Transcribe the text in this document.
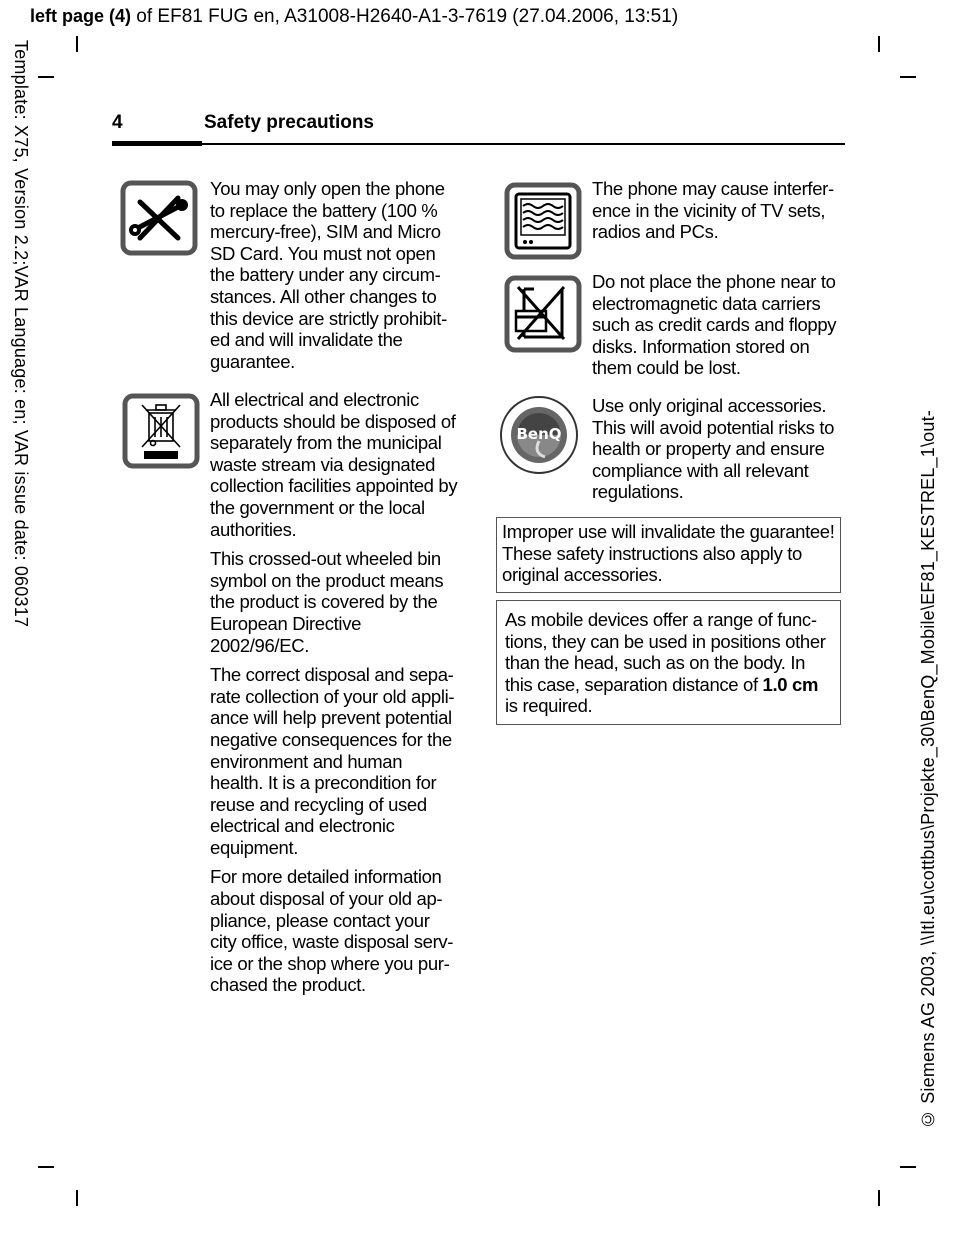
left page (4) of EF81 FUG en, A31008-H2640-A1-3-7619 (27.04.2006, 13:51)
Template: X75, Version 2.2;VAR Language: en; VAR issue date: 060317
© Siemens AG 2003, \\Itl.eu\cottbus\Projekte_30\BenQ_Mobile\EF81_KESTREL_1\out-
4	Safety precautions

You may only open the phone to replace the battery (100 % mercury-free), SIM and Micro SD Card. You must not open the battery under any circum-stances. All other changes to this device are strictly prohibit-ed and will invalidate the guarantee.

All electrical and electronic products should be disposed of separately from the municipal waste stream via designated collection facilities appointed by the government or the local authorities.

This crossed-out wheeled bin symbol on the product means the product is covered by the European Directive 2002/96/EC.

The correct disposal and sepa-rate collection of your old appli-ance will help prevent potential negative consequences for the environment and human health. It is a precondition for reuse and recycling of used electrical and electronic equipment.

For more detailed information about disposal of your old ap-pliance, please contact your city office, waste disposal serv-ice or the shop where you pur-chased the product.

The phone may cause interfer-ence in the vicinity of TV sets, radios and PCs.

Do not place the phone near to electromagnetic data carriers such as credit cards and floppy disks. Information stored on them could be lost.

BenQ

Use only original accessories. This will avoid potential risks to health or property and ensure compliance with all relevant regulations.

Improper use will invalidate the guarantee! These safety instructions also apply to original accessories.
As mobile devices offer a range of func-tions, they can be used in positions other than the head, such as on the body. In this case, separation distance of 1.0 cm is required.
